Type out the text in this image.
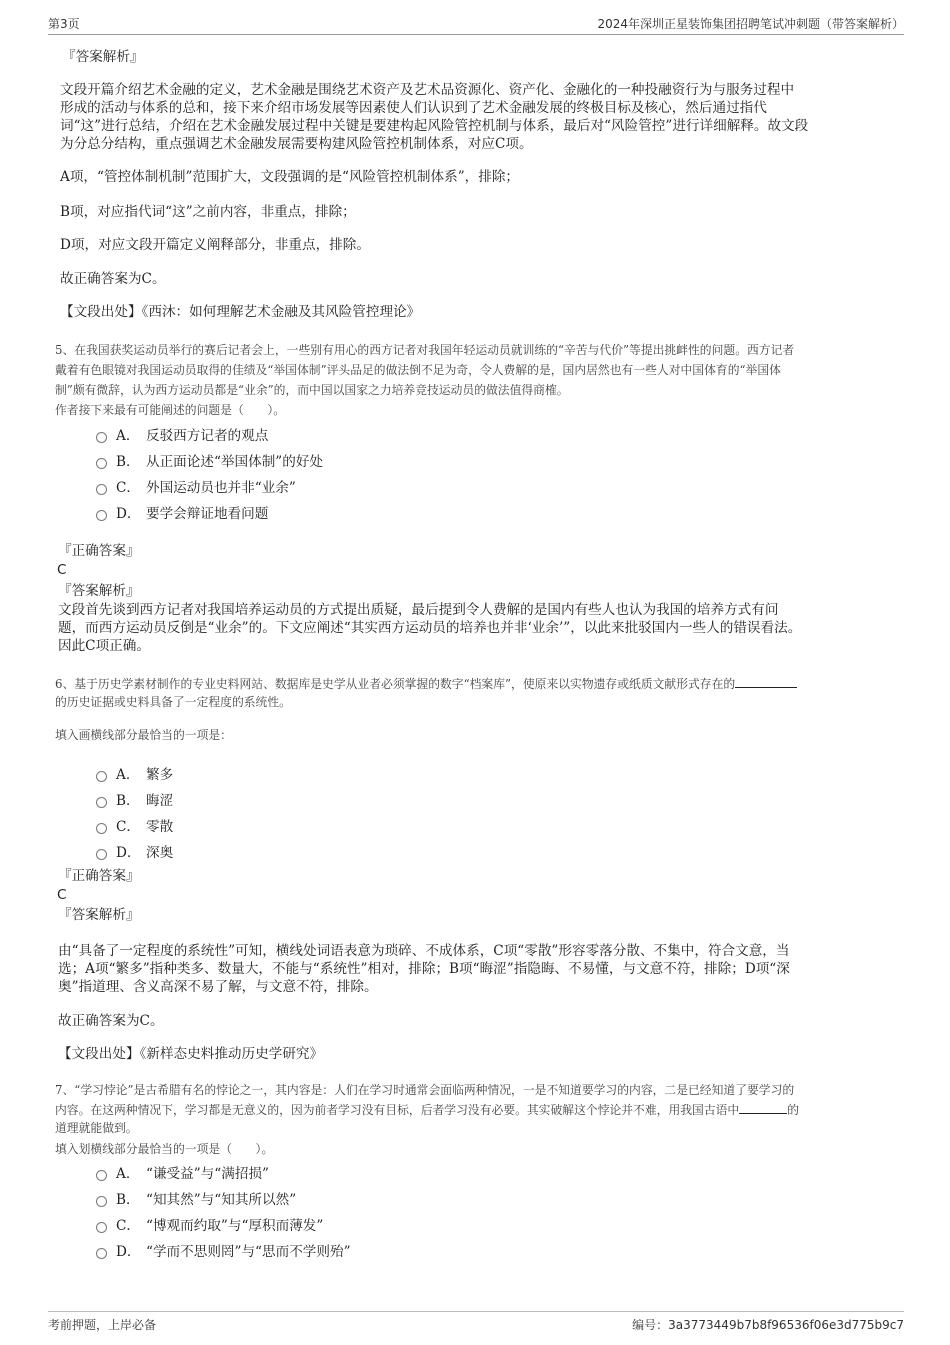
第3页	2024年深圳正星装饰集团招聘笔试冲刺题（带答案解析）
『答案解析』
文段开篇介绍艺术金融的定义，艺术金融是围绕艺术资产及艺术品资源化、资产化、金融化的一种投融资行为与服务过程中
形成的活动与体系的总和，接下来介绍市场发展等因素使人们认识到了艺术金融发展的终极目标及核心，然后通过指代
词“这”进行总结，介绍在艺术金融发展过程中关键是要建构起风险管控机制与体系，最后对“风险管控”进行详细解释。故文段
为分总分结构，重点强调艺术金融发展需要构建风险管控机制体系，对应C项。
A项，“管控体制机制”范围扩大，文段强调的是“风险管控机制体系”，排除；
B项，对应指代词“这”之前内容，非重点，排除；
D项，对应文段开篇定义阐释部分，非重点，排除。
故正确答案为C。
【文段出处】《西沐：如何理解艺术金融及其风险管控理论》
5、在我国获奖运动员举行的赛后记者会上，一些别有用心的西方记者对我国年轻运动员就训练的“辛苦与代价”等提出挑衅性的问题。西方记者
戴着有色眼镜对我国运动员取得的佳绩及“举国体制”评头品足的做法倒不足为奇，令人费解的是，国内居然也有一些人对中国体育的“举国体
制”颇有微辞，认为西方运动员都是“业余”的，而中国以国家之力培养竞技运动员的做法值得商榷。
作者接下来最有可能阐述的问题是（　　）。
A． 反驳西方记者的观点
B． 从正面论述“举国体制”的好处
C． 外国运动员也并非“业余”
D． 要学会辩证地看问题
『正确答案』
C
『答案解析』
文段首先谈到西方记者对我国培养运动员的方式提出质疑，最后提到令人费解的是国内有些人也认为我国的培养方式有问
题，而西方运动员反倒是“业余”的。下文应阐述“其实西方运动员的培养也并非‘业余’”，以此来批驳国内一些人的错误看法。
因此C项正确。
6、基于历史学素材制作的专业史料网站、数据库是史学从业者必须掌握的数字“档案库”，使原来以实物遗存或纸质文献形式存在的
的历史证据或史料具备了一定程度的系统性。
填入画横线部分最恰当的一项是：
A． 繁多
B． 晦涩
C． 零散
D． 深奥
『正确答案』
C
『答案解析』
由“具备了一定程度的系统性”可知，横线处词语表意为琐碎、不成体系，C项“零散”形容零落分散、不集中，符合文意，当
选；A项“繁多”指种类多、数量大，不能与“系统性”相对，排除；B项“晦涩”指隐晦、不易懂，与文意不符，排除；D项“深
奥”指道理、含义高深不易了解，与文意不符，排除。
故正确答案为C。
【文段出处】《新样态史料推动历史学研究》
7、“学习悖论”是古希腊有名的悖论之一，其内容是：人们在学习时通常会面临两种情况，一是不知道要学习的内容，二是已经知道了要学习的
内容。在这两种情况下，学习都是无意义的，因为前者学习没有目标，后者学习没有必要。其实破解这个悖论并不难，用我国古语中	的
道理就能做到。
填入划横线部分最恰当的一项是（　　）。
A． “谦受益”与“满招损”
B． “知其然”与“知其所以然”
C． “博观而约取”与“厚积而薄发”
D． “学而不思则罔”与“思而不学则殆”
考前押题，上岸必备	编号：3a3773449b7b8f96536f06e3d775b9c7
